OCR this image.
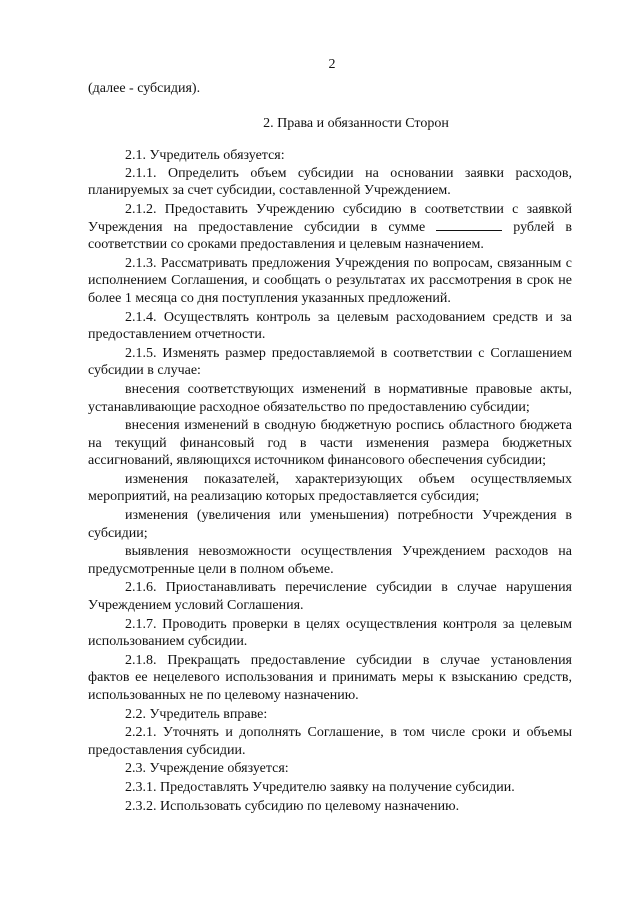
2
(далее - субсидия).
2. Права и обязанности Сторон

2.1. Учредитель обязуется:

2.1.1. Определить объем субсидии на основании заявки расходов, планируемых за счет субсидии, составленной Учреждением.

2.1.2. Предоставить Учреждению субсидию в соответствии с заявкой Учреждения на предоставление субсидии в сумме	рублей в соответствии со сроками предоставления и целевым назначением.

2.1.3. Рассматривать предложения Учреждения по вопросам, связанным с исполнением Соглашения, и сообщать о результатах их рассмотрения в срок не более 1 месяца со дня поступления указанных предложений.

2.1.4. Осуществлять контроль за целевым расходованием средств и за предоставлением отчетности.

2.1.5. Изменять размер предоставляемой в соответствии с Соглашением субсидии в случае:

внесения соответствующих изменений в нормативные правовые акты, устанавливающие расходное обязательство по предоставлению субсидии;

внесения изменений в сводную бюджетную роспись областного бюджета на текущий финансовый год в части изменения размера бюджетных ассигнований, являющихся источником финансового обеспечения субсидии;

изменения показателей, характеризующих объем осуществляемых мероприятий, на реализацию которых предоставляется субсидия;

изменения (увеличения или уменьшения) потребности Учреждения в субсидии;

выявления невозможности осуществления Учреждением расходов на предусмотренные цели в полном объеме.

2.1.6. Приостанавливать перечисление субсидии в случае нарушения Учреждением условий Соглашения.

2.1.7. Проводить проверки в целях осуществления контроля за целевым использованием субсидии.

2.1.8. Прекращать предоставление субсидии в случае установления фактов ее нецелевого использования и принимать меры к взысканию средств, использованных не по целевому назначению.

2.2. Учредитель вправе:

2.2.1. Уточнять и дополнять Соглашение, в том числе сроки и объемы предоставления субсидии.

2.3. Учреждение обязуется:

2.3.1. Предоставлять Учредителю заявку на получение субсидии.

2.3.2. Использовать субсидию по целевому назначению.
